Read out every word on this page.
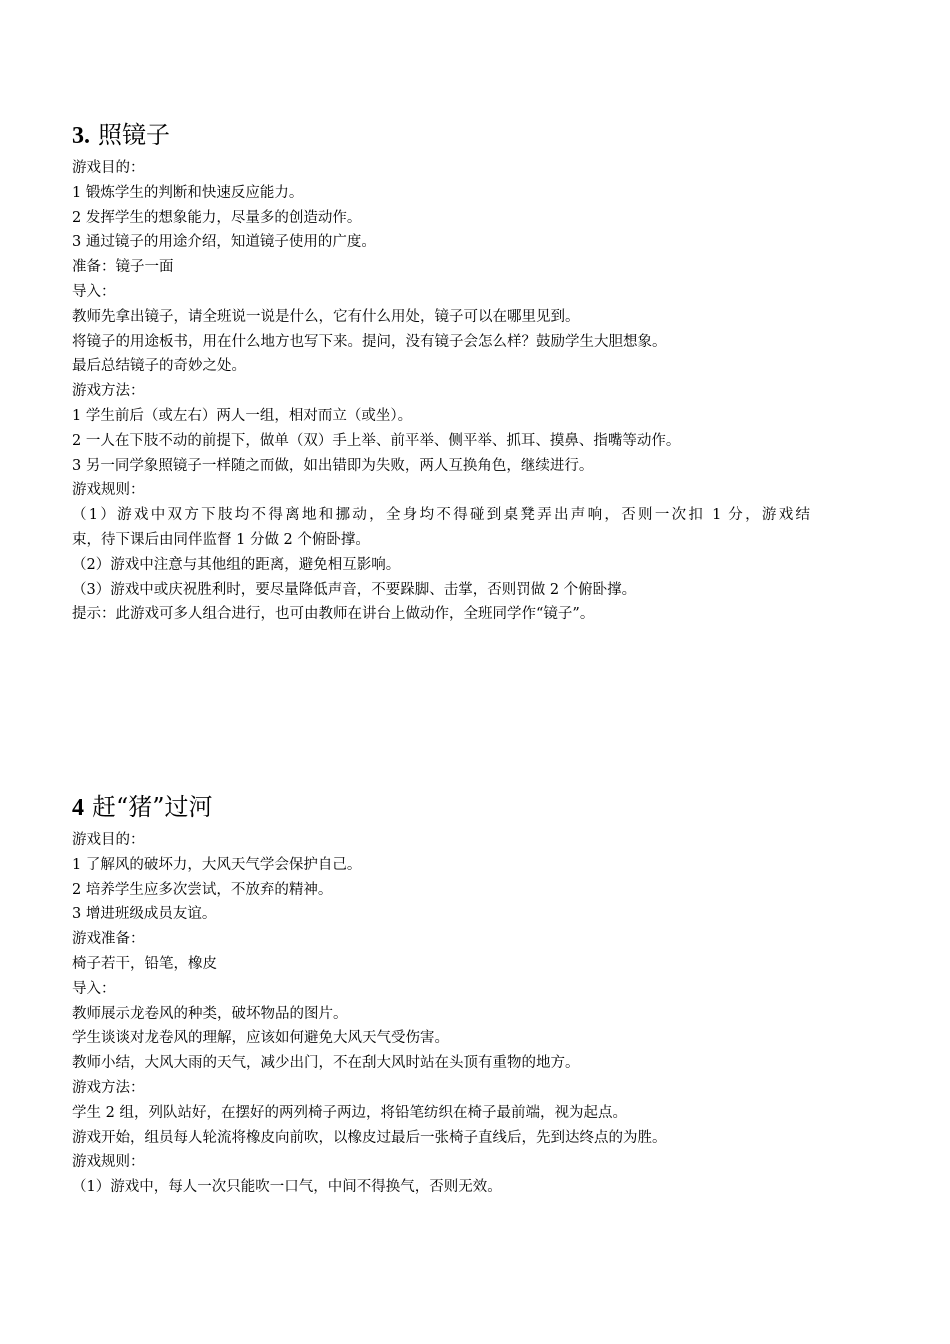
3. 照镜子

游戏目的：

1 锻炼学生的判断和快速反应能力。

2 发挥学生的想象能力，尽量多的创造动作。

3 通过镜子的用途介绍，知道镜子使用的广度。

准备：镜子一面

导入：

教师先拿出镜子，请全班说一说是什么，它有什么用处，镜子可以在哪里见到。

将镜子的用途板书，用在什么地方也写下来。提问，没有镜子会怎么样？鼓励学生大胆想象。

最后总结镜子的奇妙之处。

游戏方法：

1 学生前后（或左右）两人一组，相对而立（或坐）。

2 一人在下肢不动的前提下，做单（双）手上举、前平举、侧平举、抓耳、摸鼻、指嘴等动作。

3 另一同学象照镜子一样随之而做，如出错即为失败，两人互换角色，继续进行。

游戏规则：

（1）游戏中双方下肢均不得离地和挪动，全身均不得碰到桌凳弄出声响，否则一次扣 1 分，游戏结

束，待下课后由同伴监督 1 分做 2 个俯卧撑。

（2）游戏中注意与其他组的距离，避免相互影响。

（3）游戏中或庆祝胜利时，要尽量降低声音，不要跺脚、击掌，否则罚做 2 个俯卧撑。

提示：此游戏可多人组合进行，也可由教师在讲台上做动作，全班同学作“镜子”。

4 赶“猪”过河

游戏目的：

1 了解风的破坏力，大风天气学会保护自己。

2 培养学生应多次尝试，不放弃的精神。

3 增进班级成员友谊。

游戏准备：

椅子若干，铅笔，橡皮

导入：

教师展示龙卷风的种类，破坏物品的图片。

学生谈谈对龙卷风的理解，应该如何避免大风天气受伤害。

教师小结，大风大雨的天气，减少出门，不在刮大风时站在头顶有重物的地方。

游戏方法：

学生 2 组，列队站好，在摆好的两列椅子两边，将铅笔纺织在椅子最前端，视为起点。

游戏开始，组员每人轮流将橡皮向前吹，以橡皮过最后一张椅子直线后，先到达终点的为胜。

游戏规则：

（1）游戏中，每人一次只能吹一口气，中间不得换气，否则无效。
